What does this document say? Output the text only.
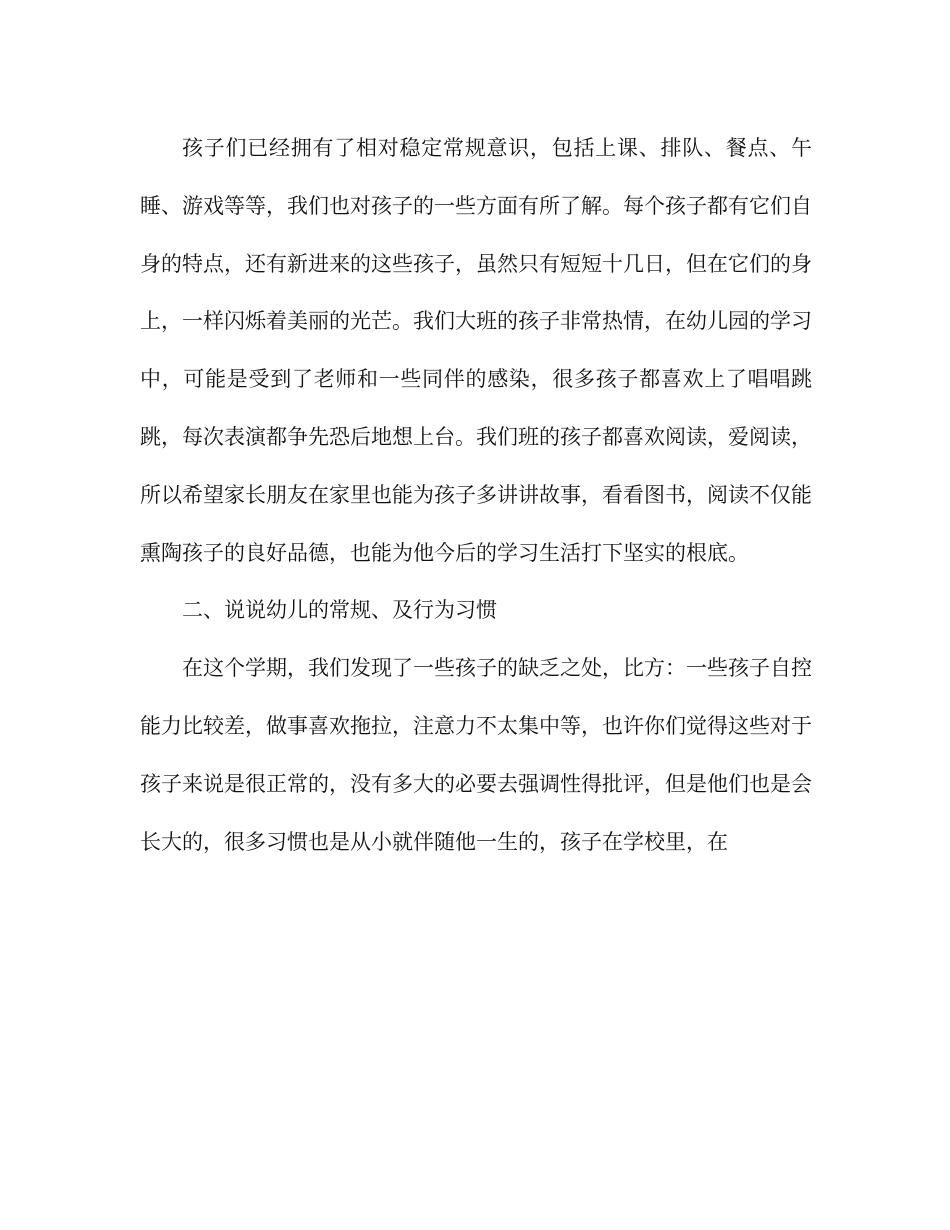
孩子们已经拥有了相对稳定常规意识，包括上课、排队、餐点、午睡、游戏等等，我们也对孩子的一些方面有所了解。每个孩子都有它们自身的特点，还有新进来的这些孩子，虽然只有短短十几日，但在它们的身上，一样闪烁着美丽的光芒。我们大班的孩子非常热情，在幼儿园的学习中，可能是受到了老师和一些同伴的感染，很多孩子都喜欢上了唱唱跳跳，每次表演都争先恐后地想上台。我们班的孩子都喜欢阅读，爱阅读，所以希望家长朋友在家里也能为孩子多讲讲故事，看看图书，阅读不仅能熏陶孩子的良好品德，也能为他今后的学习生活打下坚实的根底。

二、说说幼儿的常规、及行为习惯

在这个学期，我们发现了一些孩子的缺乏之处，比方：一些孩子自控能力比较差，做事喜欢拖拉，注意力不太集中等，也许你们觉得这些对于孩子来说是很正常的，没有多大的必要去强调性得批评，但是他们也是会长大的，很多习惯也是从小就伴随他一生的，孩子在学校里，在
